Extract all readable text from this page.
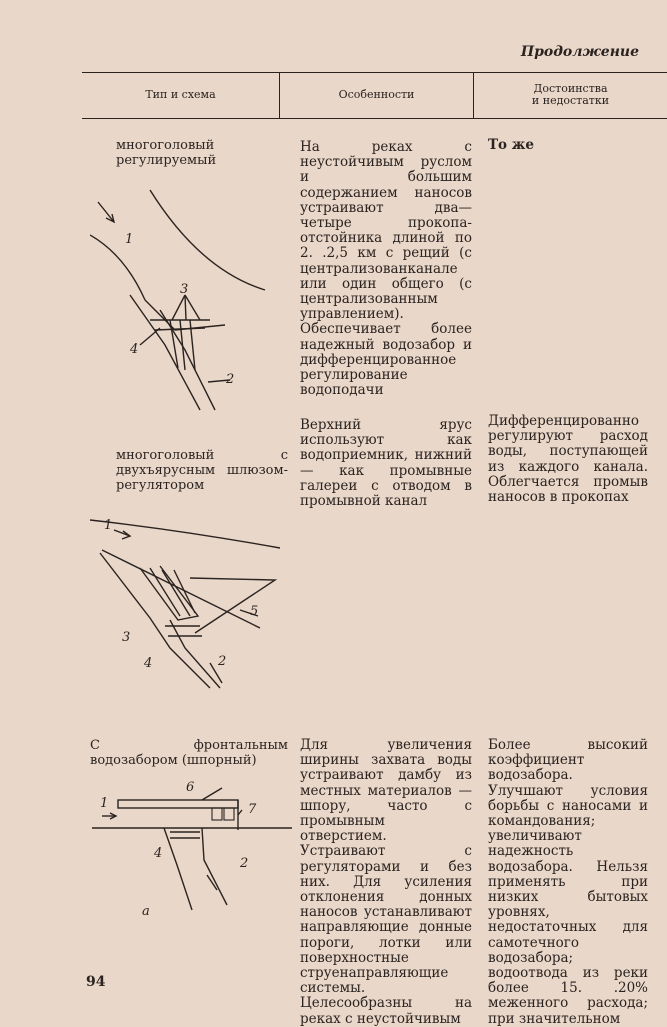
Продолжение
Тип и схема	Особенности	Достоинства
и недостатки
многоголовый регулируемый
На реках с неустойчивым руслом и большим содержанием наносов устраивают два—четыре прокопа-отстойника длиной по 2. .2,5 км с рещий (с централизованканале или один общего (с централизованным управлением). Обеспечивает более надежный водозабор и дифференцированное регулирование водоподачи
То же
1
2
3
4
многоголовый с двухъярусным шлюзом-регулятором
Верхний ярус используют как водоприемник, нижний — как промывные галереи с отводом в промывной канал
Дифференцированно регулируют расход воды, поступающей из каждого канала. Облегчается промыв наносов в прокопах
1
2
3
4
5
С фронтальным водозабором (шпорный)
Для увеличения ширины захвата воды устраивают дамбу из местных материалов — шпору, часто с промывным отверстием. Устраивают с регуляторами и без них. Для усиления отклонения донных наносов устанавливают направляющие донные пороги, лотки или поверхностные струенаправляющие системы. Целесообразны на реках с неустойчивым
Более высокий коэффициент водозабора. Улучшают условия борьбы с наносами и командования; увеличивают надежность водозабора. Нельзя применять при низких бытовых уровнях, недостаточных для самотечного водозабора; водоотвода из реки более 15. .20% меженного расхода; при значительном
1
2
4
6
7
а
94
